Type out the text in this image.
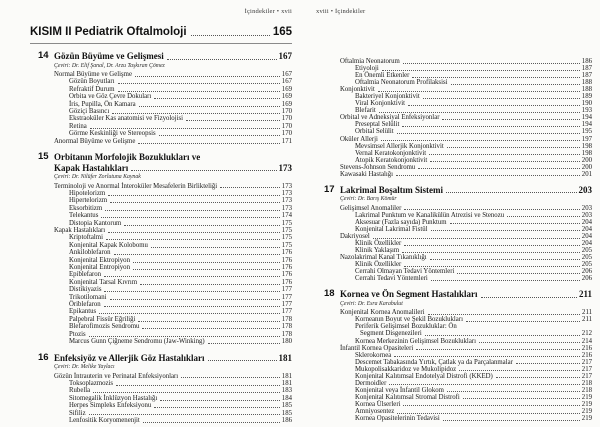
İçindekiler • xvii	xviii • İçindekiler
KISIM II Pediatrik Oftalmoloji	165
14 Gözün Büyüme ve Gelişmesi	167
Çeviri: Dr. Elif Şanal, Dr. Arzu Taşkıran Çömez
Normal Büyüme ve Gelişme	167
Gözün Boyutları	167
Refraktif Durum	169
Orbita ve Göz Çevre Dokuları	169
İris, Pupilla, Ön Kamara	169
Göziçi Basıncı	170
Ekstraoküler Kas anatomisi ve Fizyolojisi	170
Retina	170
Görme Keskinliği ve Stereopsis	170
Anormal Büyüme ve Gelişme	171
15 Orbitanın Morfolojik Bozuklukları ve
Kapak Hastalıkları	173
Çeviri: Dr. Nilüfer Zorlutuna Kaynak
Terminoloji ve Anormal İnteroküler Mesafelerin Birlikteliği	173
Hipotelorizm	173
Hipertelorizm	173
Eksorbitizm	173
Telekantus	174
Distopia Kantorum	175
Kapak Hastalıkları	175
Kriptoftalmi	175
Konjenital Kapak Kolobomu	175
Ankiloblefaron	176
Konjenital Ektropiyon	176
Konjenital Entropiyon	176
Epiblefaron	176
Konjenital Tarsal Kıvrım	176
Distikiyazis	177
Trikotilomani	177
Öriblefaron	177
Epikantus	177
Palpebral Fissür Eğriliği	178
Blefarofimozis Sendromu	178
Ptozis	178
Marcus Gunn Çiğneme Sendromu (Jaw-Winking)	180
16 Enfeksiyöz ve Allerjik Göz Hastalıkları	181
Çeviri: Dr. Melike Yaylacı
Gözün İntrauterin ve Perinatal Enfeksiyonları	181
Toksoplazmozis	181
Rubella	183
Sitomegalik İnklüzyon Hastalığı	184
Herpes Simpleks Enfeksiyonu	185
Sifiliz	185
Lenfositik Koryomenenjit	186
Oftalmia Neonatorum	186
Etiyoloji	187
En Önemli Etkenler	187
Oftalmia Neonatorum Profilaksisi	188
Konjonktivit	188
Bakteriyel Konjonktivit	189
Viral Konjonktivit	190
Blefarit	193
Orbital ve Adneksiyal Enfeksiyonlar	194
Preseptal Selülit	194
Orbital Selülit	195
Oküler Allerji	197
Mevsimsel Allerjik Konjonktivit	198
Vernal Keratokonjonktivit	198
Atopik Keratokonjonktivit	200
Stevens-Johnson Sendromu	200
Kawasaki Hastalığı	201
17 Lakrimal Boşaltım Sistemi	203
Çeviri: Dr. Barış Kömür
Gelişimsel Anomaliler	203
Lakrimal Punktum ve Kanalikülün Atrezisi ve Stenozu	203
Aksesuar (Fazla sayıda) Punktum	204
Konjenital Lakrimal Fistül	204
Dakriyosel	204
Klinik Özellikler	204
Klinik Yaklaşım	205
Nazolakrimal Kanal Tıkanıklığı	205
Klinik Özellikler	205
Cerrahi Olmayan Tedavi Yöntemleri	206
Cerrahi Tedavi Yöntemleri	206
18 Kornea ve Ön Segment Hastalıkları	211
Çeviri: Dr. Esra Karabulut
Konjenital Kornea Anomalileri	211
Korneanın Boyut ve Şekil Bozuklukları	211
Periferik Gelişimsel Bozukluklar: Ön
Segment Disgenezileri	212
Kornea Merkezinin Gelişimsel Bozuklukları	214
İnfantil Kornea Opasiteleri	216
Sklerokornea	216
Descemet Tabakasında Yırtık, Çatlak ya da Parçalanmalar	217
Mukopolisakkaridoz ve Mukolipidoz	217
Konjenital Kalıtımsal Endotelyal Distrofi (KKED)	217
Dermoidler	218
Konjenital veya İnfantil Glokom	218
Konjenital Kalıtımsal Stromal Distrofi	219
Kornea Ülserleri	219
Amniyosentez	219
Kornea Opasitelerinin Tedavisi	219
